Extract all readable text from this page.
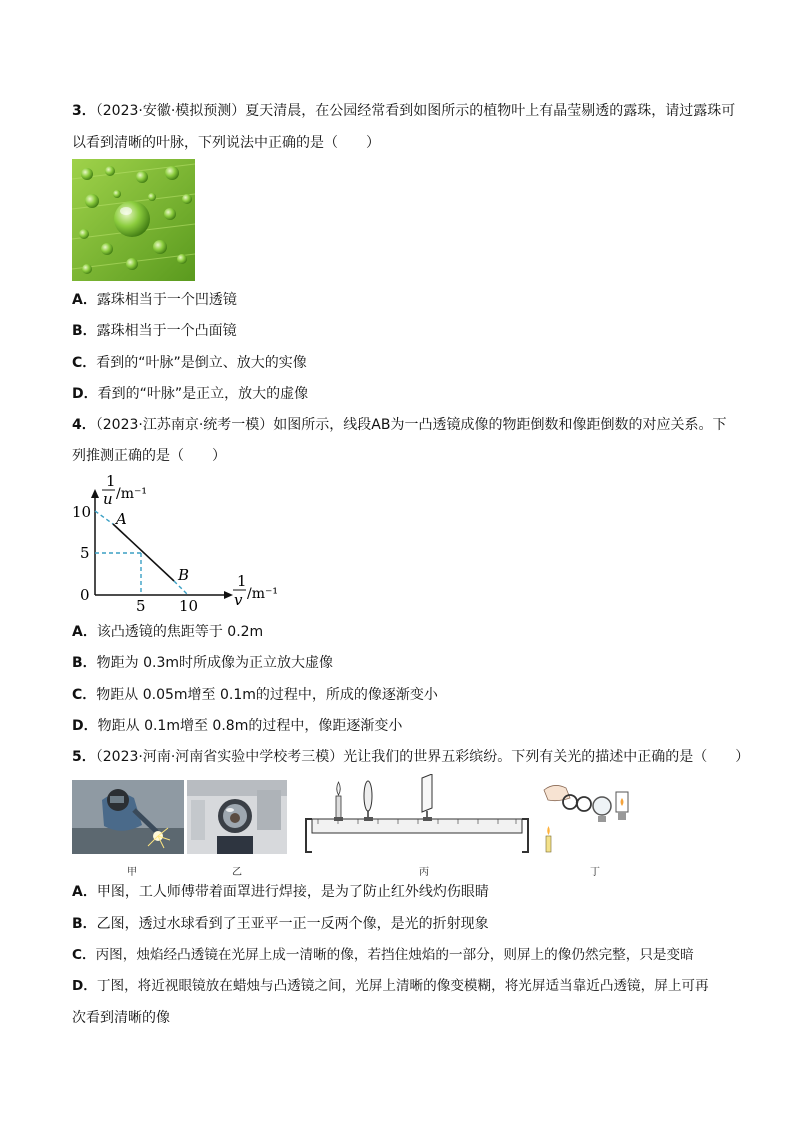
3．（2023·安徽·模拟预测）夏天清晨，在公园经常看到如图所示的植物叶上有晶莹剔透的露珠，请过露珠可
以看到清晰的叶脉，下列说法中正确的是（　　）
A．露珠相当于一个凹透镜
B．露珠相当于一个凸面镜
C．看到的“叶脉”是倒立、放大的实像
D．看到的“叶脉”是正立，放大的虚像
4．（2023·江苏南京·统考一模）如图所示，线段AB为一凸透镜成像的物距倒数和像距倒数的对应关系。下
列推测正确的是（　　）
1
u /m⁻¹
1
v /m⁻¹
10
5
0
5 10
A
B
A．该凸透镜的焦距等于 0.2m
B．物距为 0.3m时所成像为正立放大虚像
C．物距从 0.05m增至 0.1m的过程中，所成的像逐渐变小
D．物距从 0.1m增至 0.8m的过程中，像距逐渐变小
5．（2023·河南·河南省实验中学校考三模）光让我们的世界五彩缤纷。下列有关光的描述中正确的是（　　）
甲	乙	丙	丁
A．甲图，工人师傅带着面罩进行焊接，是为了防止红外线灼伤眼睛
B．乙图，透过水球看到了王亚平一正一反两个像，是光的折射现象
C．丙图，烛焰经凸透镜在光屏上成一清晰的像，若挡住烛焰的一部分，则屏上的像仍然完整，只是变暗
D．丁图，将近视眼镜放在蜡烛与凸透镜之间，光屏上清晰的像变模糊，将光屏适当靠近凸透镜，屏上可再
次看到清晰的像
